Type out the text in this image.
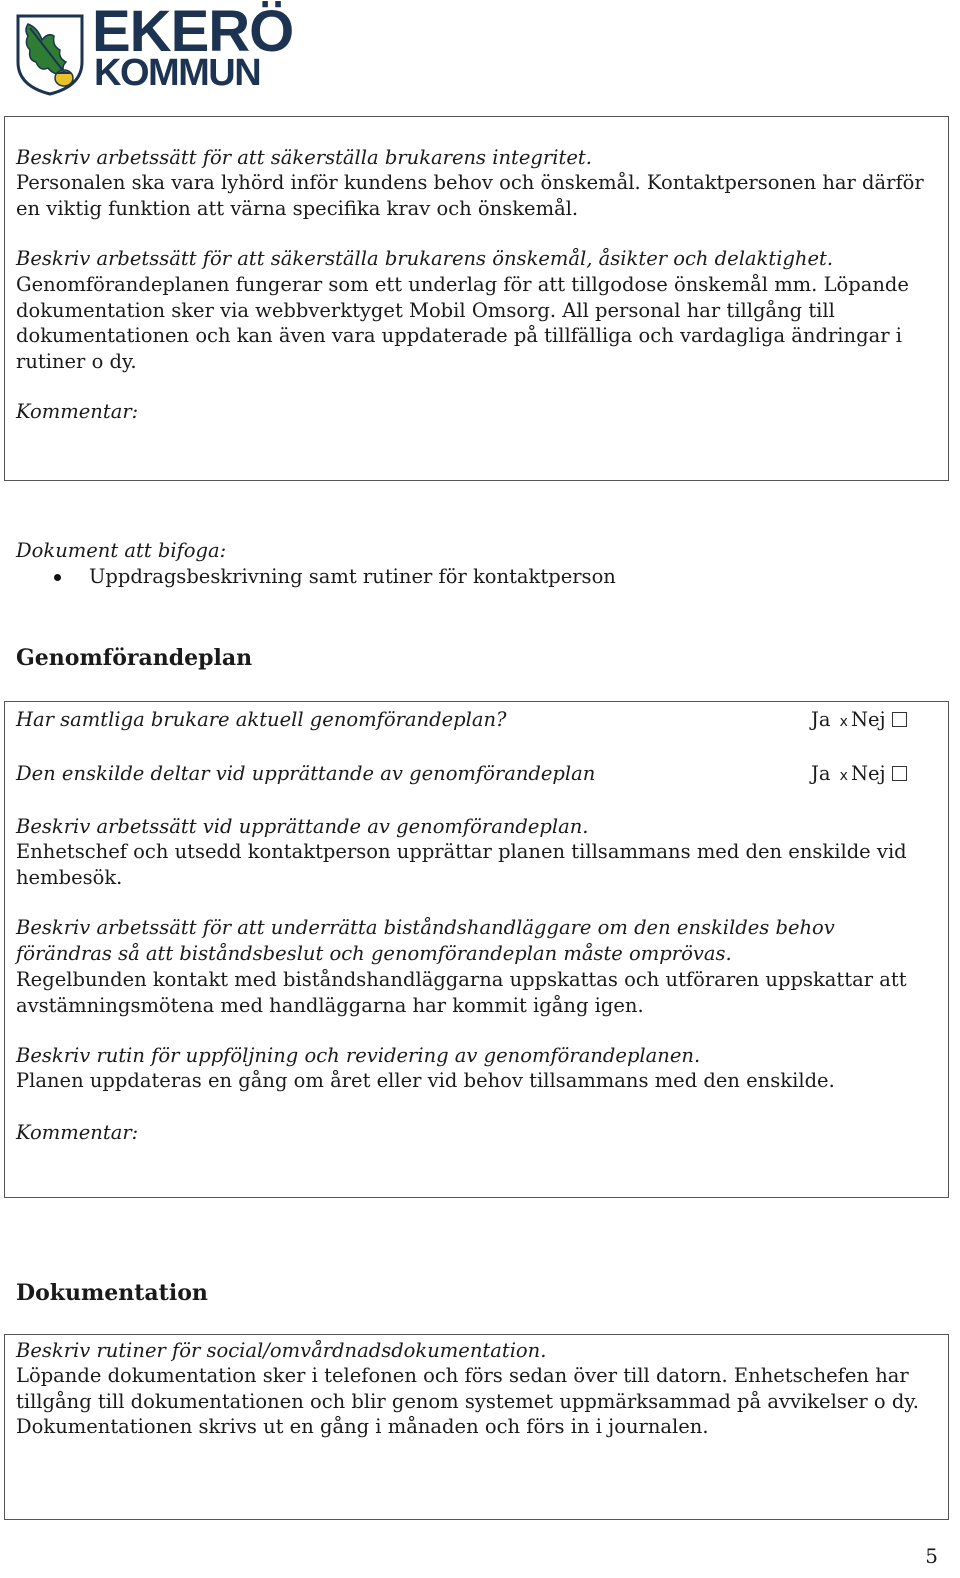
EKERÖ
KOMMUN
Beskriv arbetssätt för att säkerställa brukarens integritet.
Personalen ska vara lyhörd inför kundens behov och önskemål. Kontaktpersonen har därför en viktig funktion att värna specifika krav och önskemål.
Beskriv arbetssätt för att säkerställa brukarens önskemål, åsikter och delaktighet.
Genomförandeplanen fungerar som ett underlag för att tillgodose önskemål mm. Löpande dokumentation sker via webbverktyget Mobil Omsorg. All personal har tillgång till dokumentationen och kan även vara uppdaterade på tillfälliga och vardagliga ändringar i rutiner o dy.
Kommentar:
Dokument att bifoga:
Uppdragsbeskrivning samt rutiner för kontaktperson
Genomförandeplan
Har samtliga brukare aktuell genomförandeplan?	Ja x Nej
Den enskilde deltar vid upprättande av genomförandeplan	Ja x Nej
Beskriv arbetssätt vid upprättande av genomförandeplan.
Enhetschef och utsedd kontaktperson upprättar planen tillsammans med den enskilde vid hembesök.
Beskriv arbetssätt för att underrätta biståndshandläggare om den enskildes behov förändras så att biståndsbeslut och genomförandeplan måste omprövas.
Regelbunden kontakt med biståndshandläggarna uppskattas och utföraren uppskattar att avstämningsmötena med handläggarna har kommit igång igen.
Beskriv rutin för uppföljning och revidering av genomförandeplanen.
Planen uppdateras en gång om året eller vid behov tillsammans med den enskilde.
Kommentar:
Dokumentation
Beskriv rutiner för social/omvårdnadsdokumentation.
Löpande dokumentation sker i telefonen och förs sedan över till datorn. Enhetschefen har tillgång till dokumentationen och blir genom systemet uppmärksammad på avvikelser o dy. Dokumentationen skrivs ut en gång i månaden och förs in i journalen.
5
